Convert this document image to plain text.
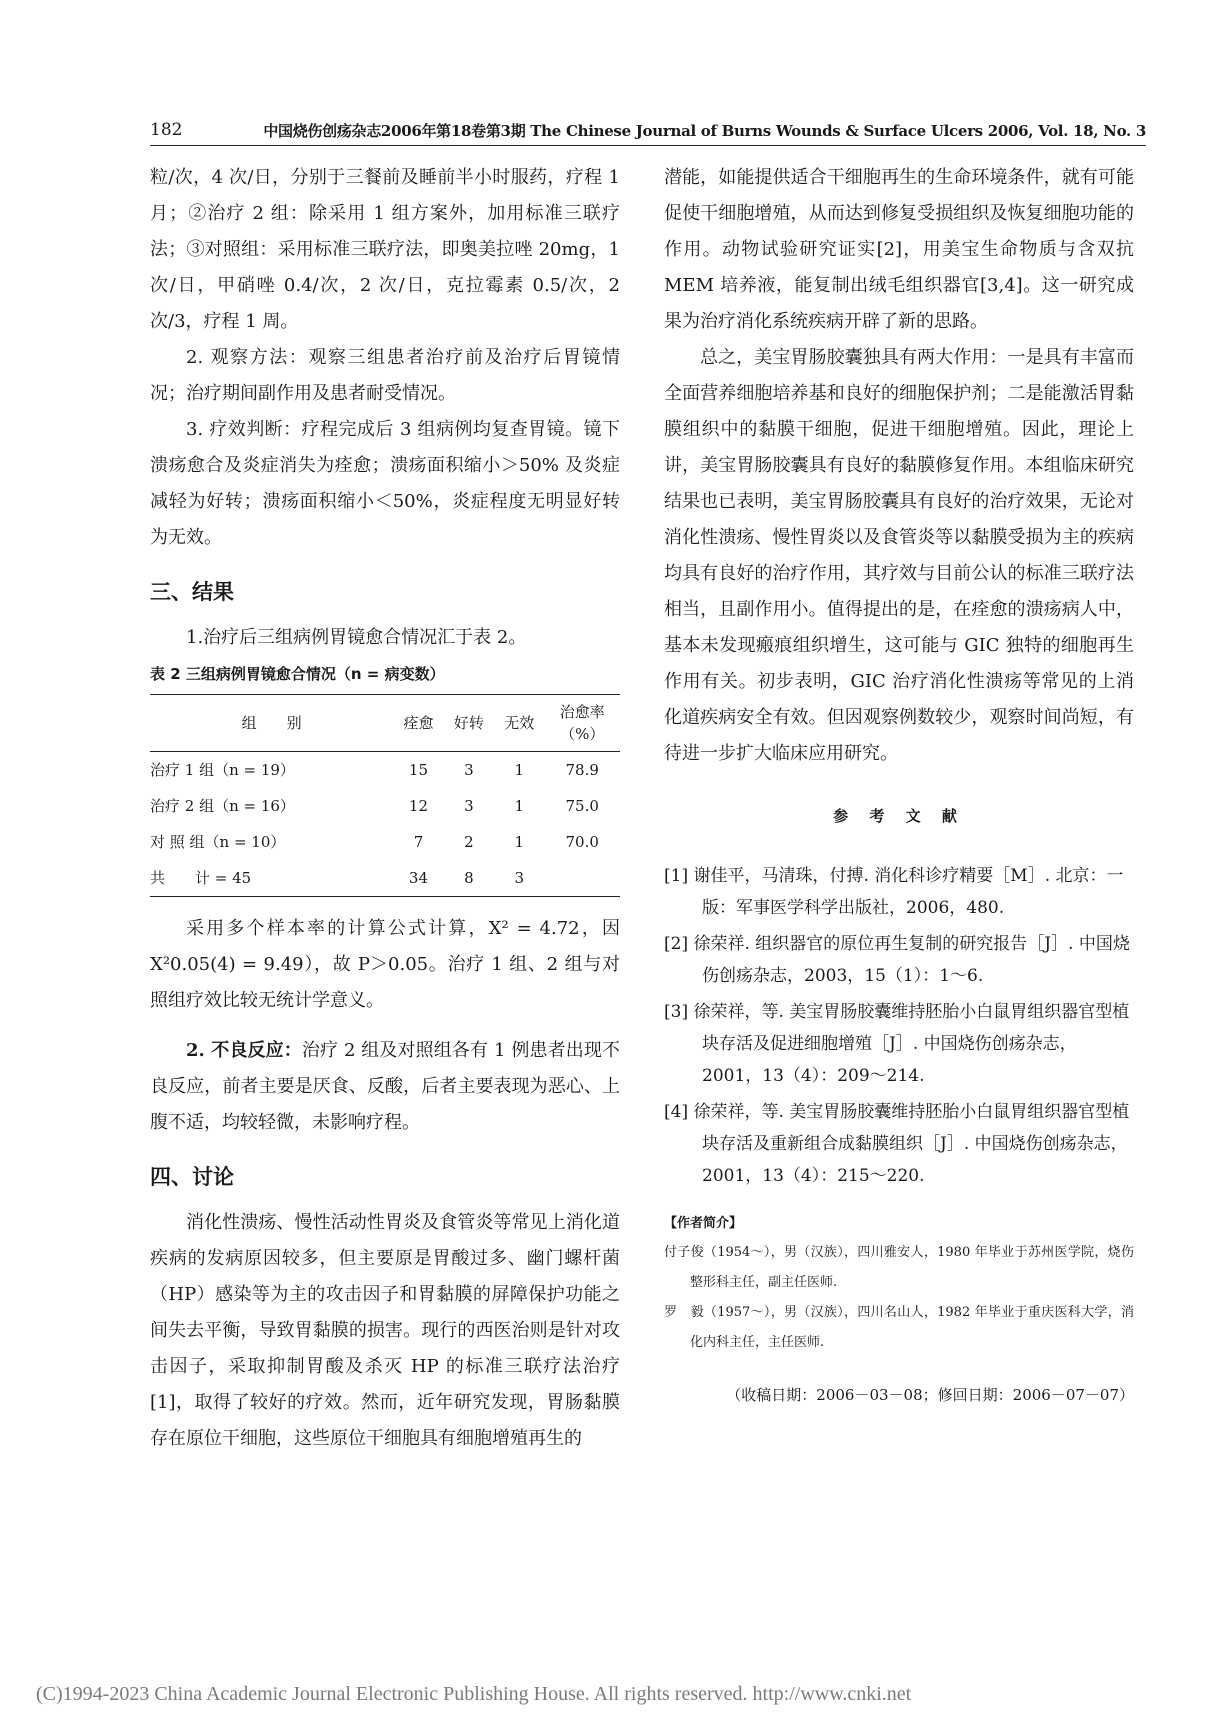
182	中国烧伤创疡杂志2006年第18卷第3期 The Chinese Journal of Burns Wounds & Surface Ulcers 2006, Vol. 18, No. 3

粒/次，4 次/日，分别于三餐前及睡前半小时服药，疗程 1 月；②治疗 2 组：除采用 1 组方案外，加用标准三联疗法；③对照组：采用标准三联疗法，即奥美拉唑 20mg，1 次/日，甲硝唑 0.4/次，2 次/日，克拉霉素 0.5/次，2 次/3，疗程 1 周。

2. 观察方法：观察三组患者治疗前及治疗后胃镜情况；治疗期间副作用及患者耐受情况。

3. 疗效判断：疗程完成后 3 组病例均复查胃镜。镜下溃疡愈合及炎症消失为痊愈；溃疡面积缩小＞50% 及炎症减轻为好转；溃疡面积缩小＜50%，炎症程度无明显好转为无效。

三、结果

1.治疗后三组病例胃镜愈合情况汇于表 2。

表 2 三组病例胃镜愈合情况（n = 病变数）
组　　别	痊愈	好转	无效	治愈率
（%）

治疗 1 组（n = 19）	15	3	1	78.9
治疗 2 组（n = 16）	12	3	1	75.0
对 照 组（n = 10）	7	2	1	70.0
共　　计 = 45	34	8	3	

采用多个样本率的计算公式计算，X² = 4.72，因 X²0.05(4) = 9.49），故 P＞0.05。治疗 1 组、2 组与对照组疗效比较无统计学意义。

2. 不良反应：治疗 2 组及对照组各有 1 例患者出现不良反应，前者主要是厌食、反酸，后者主要表现为恶心、上腹不适，均较轻微，未影响疗程。

四、讨论

消化性溃疡、慢性活动性胃炎及食管炎等常见上消化道疾病的发病原因较多，但主要原是胃酸过多、幽门螺杆菌（HP）感染等为主的攻击因子和胃黏膜的屏障保护功能之间失去平衡，导致胃黏膜的损害。现行的西医治则是针对攻击因子，采取抑制胃酸及杀灭 HP 的标准三联疗法治疗[1]，取得了较好的疗效。然而，近年研究发现，胃肠黏膜存在原位干细胞，这些原位干细胞具有细胞增殖再生的

潜能，如能提供适合干细胞再生的生命环境条件，就有可能促使干细胞增殖，从而达到修复受损组织及恢复细胞功能的作用。动物试验研究证实[2]，用美宝生命物质与含双抗 MEM 培养液，能复制出绒毛组织器官[3,4]。这一研究成果为治疗消化系统疾病开辟了新的思路。

总之，美宝胃肠胶囊独具有两大作用：一是具有丰富而全面营养细胞培养基和良好的细胞保护剂；二是能激活胃黏膜组织中的黏膜干细胞，促进干细胞增殖。因此，理论上讲，美宝胃肠胶囊具有良好的黏膜修复作用。本组临床研究结果也已表明，美宝胃肠胶囊具有良好的治疗效果，无论对消化性溃疡、慢性胃炎以及食管炎等以黏膜受损为主的疾病均具有良好的治疗作用，其疗效与目前公认的标准三联疗法相当，且副作用小。值得提出的是，在痊愈的溃疡病人中，基本未发现瘢痕组织增生，这可能与 GIC 独特的细胞再生作用有关。初步表明，GIC 治疗消化性溃疡等常见的上消化道疾病安全有效。但因观察例数较少，观察时间尚短，有待进一步扩大临床应用研究。

参 考 文 献
[1] 谢佳平，马清珠，付搏. 消化科诊疗精要［M］. 北京：一版：军事医学科学出版社，2006，480.
[2] 徐荣祥. 组织器官的原位再生复制的研究报告［J］. 中国烧伤创疡杂志，2003，15（1）：1～6.
[3] 徐荣祥，等. 美宝胃肠胶囊维持胚胎小白鼠胃组织器官型植块存活及促进细胞增殖［J］. 中国烧伤创疡杂志，2001，13（4）：209～214.
[4] 徐荣祥，等. 美宝胃肠胶囊维持胚胎小白鼠胃组织器官型植块存活及重新组合成黏膜组织［J］. 中国烧伤创疡杂志，2001，13（4）：215～220.
【作者简介】
付子俊（1954～），男（汉族），四川雅安人，1980 年毕业于苏州医学院，烧伤整形科主任，副主任医师.
罗　毅（1957～），男（汉族），四川名山人，1982 年毕业于重庆医科大学，消化内科主任，主任医师.
（收稿日期：2006－03－08；修回日期：2006－07－07）
(C)1994-2023 China Academic Journal Electronic Publishing House. All rights reserved. http://www.cnki.net
